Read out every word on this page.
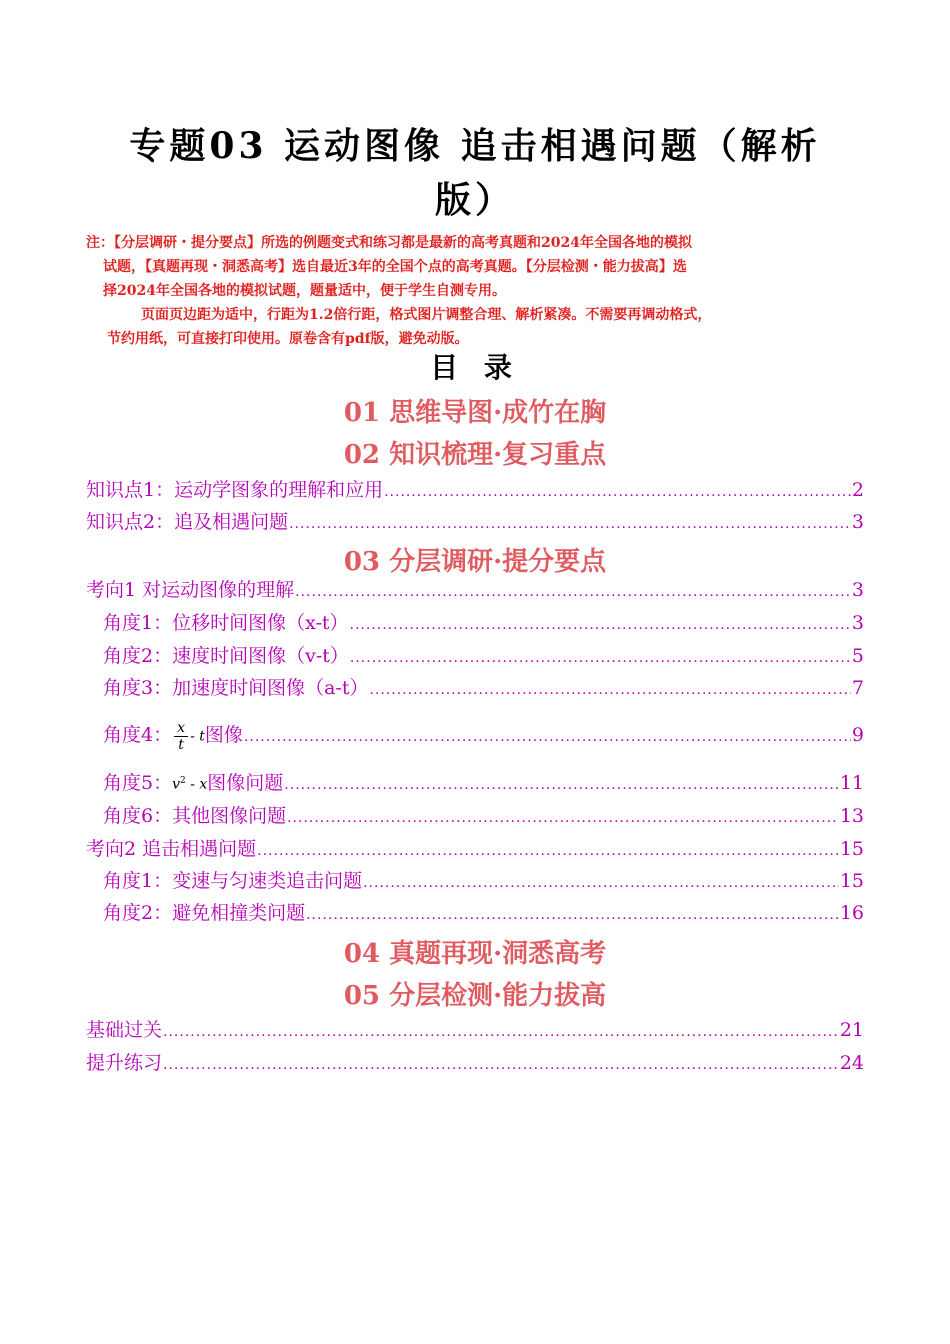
专题03 运动图像 追击相遇问题（解析
版）
注：【分层调研・提分要点】所选的例题变式和练习都是最新的高考真题和2024年全国各地的模拟
试题，【真题再现・洞悉高考】选自最近3年的全国个点的高考真题。【分层检测・能力拔高】选
择2024年全国各地的模拟试题，题量适中，便于学生自测专用。
页面页边距为适中，行距为1.2倍行距，格式图片调整合理、解析紧凑。不需要再调动格式，
节约用纸，可直接打印使用。原卷含有pdf版，避免动版。
目 录
01 思维导图·成竹在胸
02 知识梳理·复习重点
知识点1：运动学图象的理解和应用 .....	2
知识点2：追及相遇问题 .....	3
03 分层调研·提分要点
考向1 对运动图像的理解 .....	3
角度1：位移时间图像（x-t） .....	3
角度2：速度时间图像（v-t） .....	5
角度3：加速度时间图像（a-t） .....	7
角度4： $\frac{x}{t}$ - t 图像 .....	9
角度5： $v^2$ - x 图像问题 .....	11
角度6：其他图像问题 .....	13
考向2 追击相遇问题 .....	15
角度1：变速与匀速类追击问题 .....	15
角度2：避免相撞类问题 .....	16
04 真题再现·洞悉高考
05 分层检测·能力拔高
基础过关 .....	21
提升练习 .....	24
